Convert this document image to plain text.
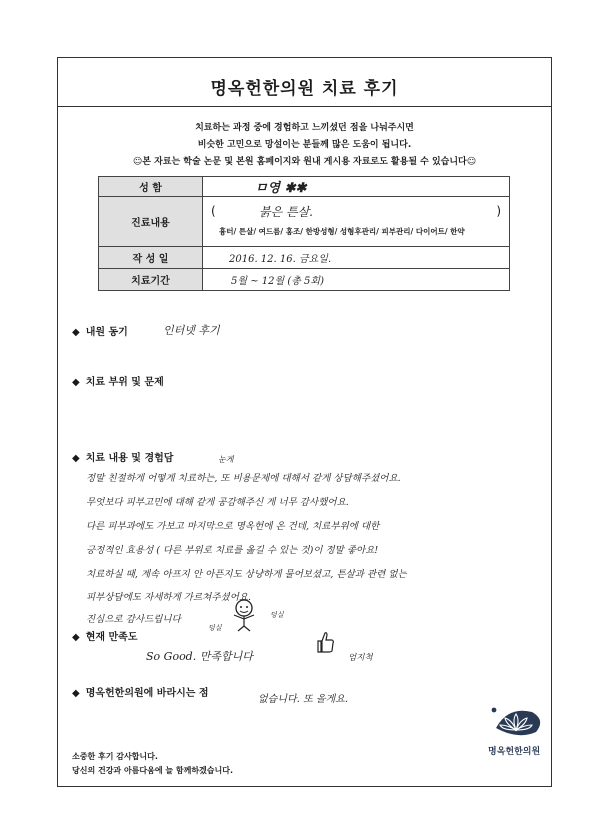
명옥헌한의원 치료 후기
치료하는 과정 중에 경험하고 느끼셨던 점을 나눠주시면
비슷한 고민으로 망설이는 분들께 많은 도움이 됩니다.
☺본 자료는 학술 논문 및 본원 홈페이지와 원내 게시용 자료로도 활용될 수 있습니다☺
성 함	ㅁ영 ✱✱
진료내용	( 붉은 튼살. )
흉터/ 튼살/ 여드름/ 홍조/ 한방성형/ 성형후관리/ 피부관리/ 다이어트/ 한약

작 성 일	2016. 12. 16. 금요일.
치료기간	5월 ~ 12월 (총 5회)
◆ 내원 동기	인터넷 후기
◆ 치료 부위 및 문제
◆ 치료 내용 및 경험담	눈게
정말 친절하게 어떻게 치료하는, 또 비용문제에 대해서 같게 상담해주셨어요.
무엇보다 피부고민에 대해 같게 공감해주신 게 너무 감사했어요.
다른 피부과에도 가보고 마지막으로 명옥헌에 온 건데, 치료부위에 대한
긍정적인 효용성 ( 다른 부위로 치료를 옮길 수 있는 것)이 정말 좋아요!
치료하실 때, 계속 아프지 안 아픈지도 상냥하게 물어보셨고, 튼살과 관련 없는
피부상담에도 자세하게 가르쳐주셨어요.
진심으로 감사드립니다
덩실
덩실
◆ 현재 만족도
So Good. 만족합니다	엄지척
◆ 명옥헌한의원에 바라시는 점
없습니다. 또 올게요.
소중한 후기 감사합니다.
당신의 건강과 아름다움에 늘 함께하겠습니다.
명옥헌한의원
